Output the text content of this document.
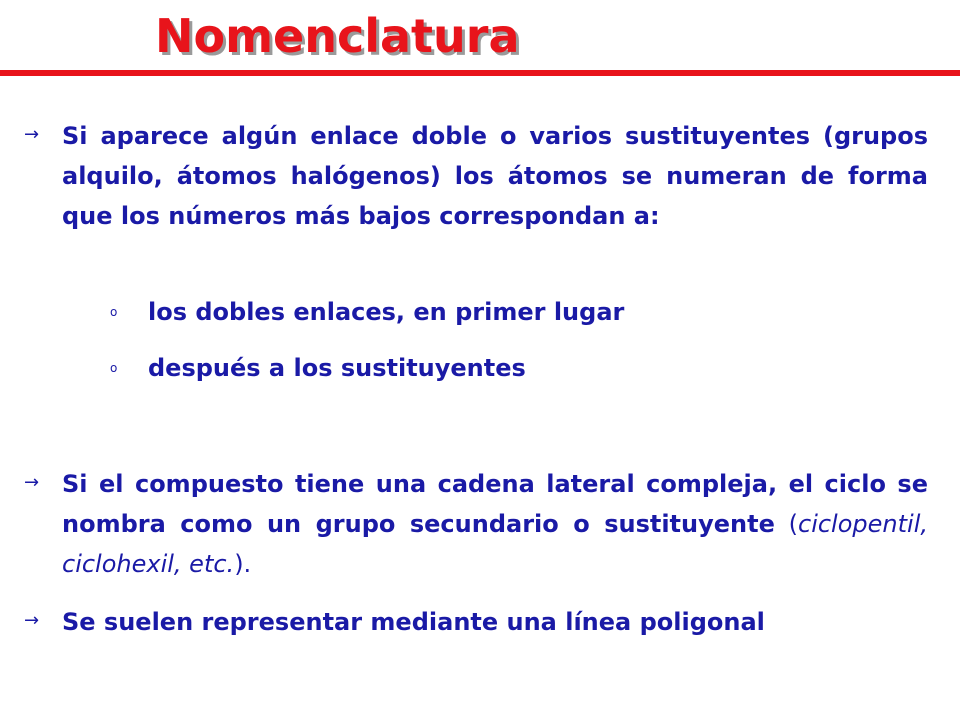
Nomenclatura
→ Si aparece algún enlace doble o varios sustituyentes (grupos alquilo, átomos halógenos) los átomos se numeran de forma que los números más bajos correspondan a:
o los dobles enlaces, en primer lugar
o después a los sustituyentes
→ Si el compuesto tiene una cadena lateral compleja, el ciclo se nombra como un grupo secundario o sustituyente (ciclopentil, ciclohexil, etc.).
→ Se suelen representar mediante una línea poligonal
